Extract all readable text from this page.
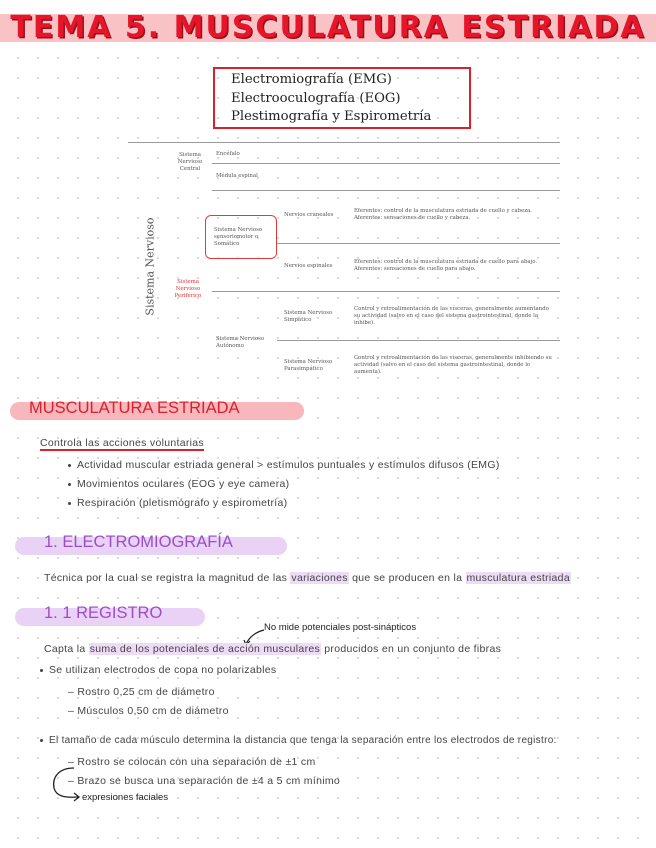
TEMA 5. MUSCULATURA ESTRIADA
Electromiografía (EMG)
Electrooculografía (EOG)
Plestimografía y Espirometría
Sistema Nervioso
Sistema Nervioso Central
Encéfalo
Médula espinal
Sistema Nervioso Periférico
Sistema Nervioso sensoriomotor o Somático
Nervios craneales
Eferentes: control de la musculatura estriada de cuello y cabeza. Aferentes: sensaciones de cuello y cabeza.
Nervios espinales
Eferentes: control de la musculatura estriada de cuello para abajo. Aferentes: sensaciones de cuello para abajo.
Sistema Nervioso Autónomo
Sistema Nervioso Simpático
Control y retroalimentación de las vísceras, generalmente aumentando su actividad (salvo en el caso del sistema gastrointestinal, donde la inhibe).
Sistema Nervioso Parasimpático
Control y retroalimentación de las vísceras, generalmente inhibiendo su actividad (salvo en el caso del sistema gastrointestinal, donde lo aumenta).
MUSCULATURA ESTRIADA
Controla las acciones voluntarias
Actividad muscular estriada general > estímulos puntuales y estímulos difusos (EMG)
Movimientos oculares (EOG y eye camera)
Respiración (pletismógrafo y espirometría)
1. ELECTROMIOGRAFÍA
Técnica por la cual se registra la magnitud de las variaciones que se producen en la musculatura estriada
1. 1 REGISTRO
No mide potenciales post-sinápticos
Capta la suma de los potenciales de acción musculares producidos en un conjunto de fibras
Se utilizan electrodos de copa no polarizables
– Rostro 0,25 cm de diámetro
– Músculos 0,50 cm de diámetro
El tamaño de cada músculo determina la distancia que tenga la separación entre los electrodos de registro:
– Rostro se colocan con una separación de ±1 cm
– Brazo se busca una separación de ±4 a 5 cm mínimo
expresiones faciales
